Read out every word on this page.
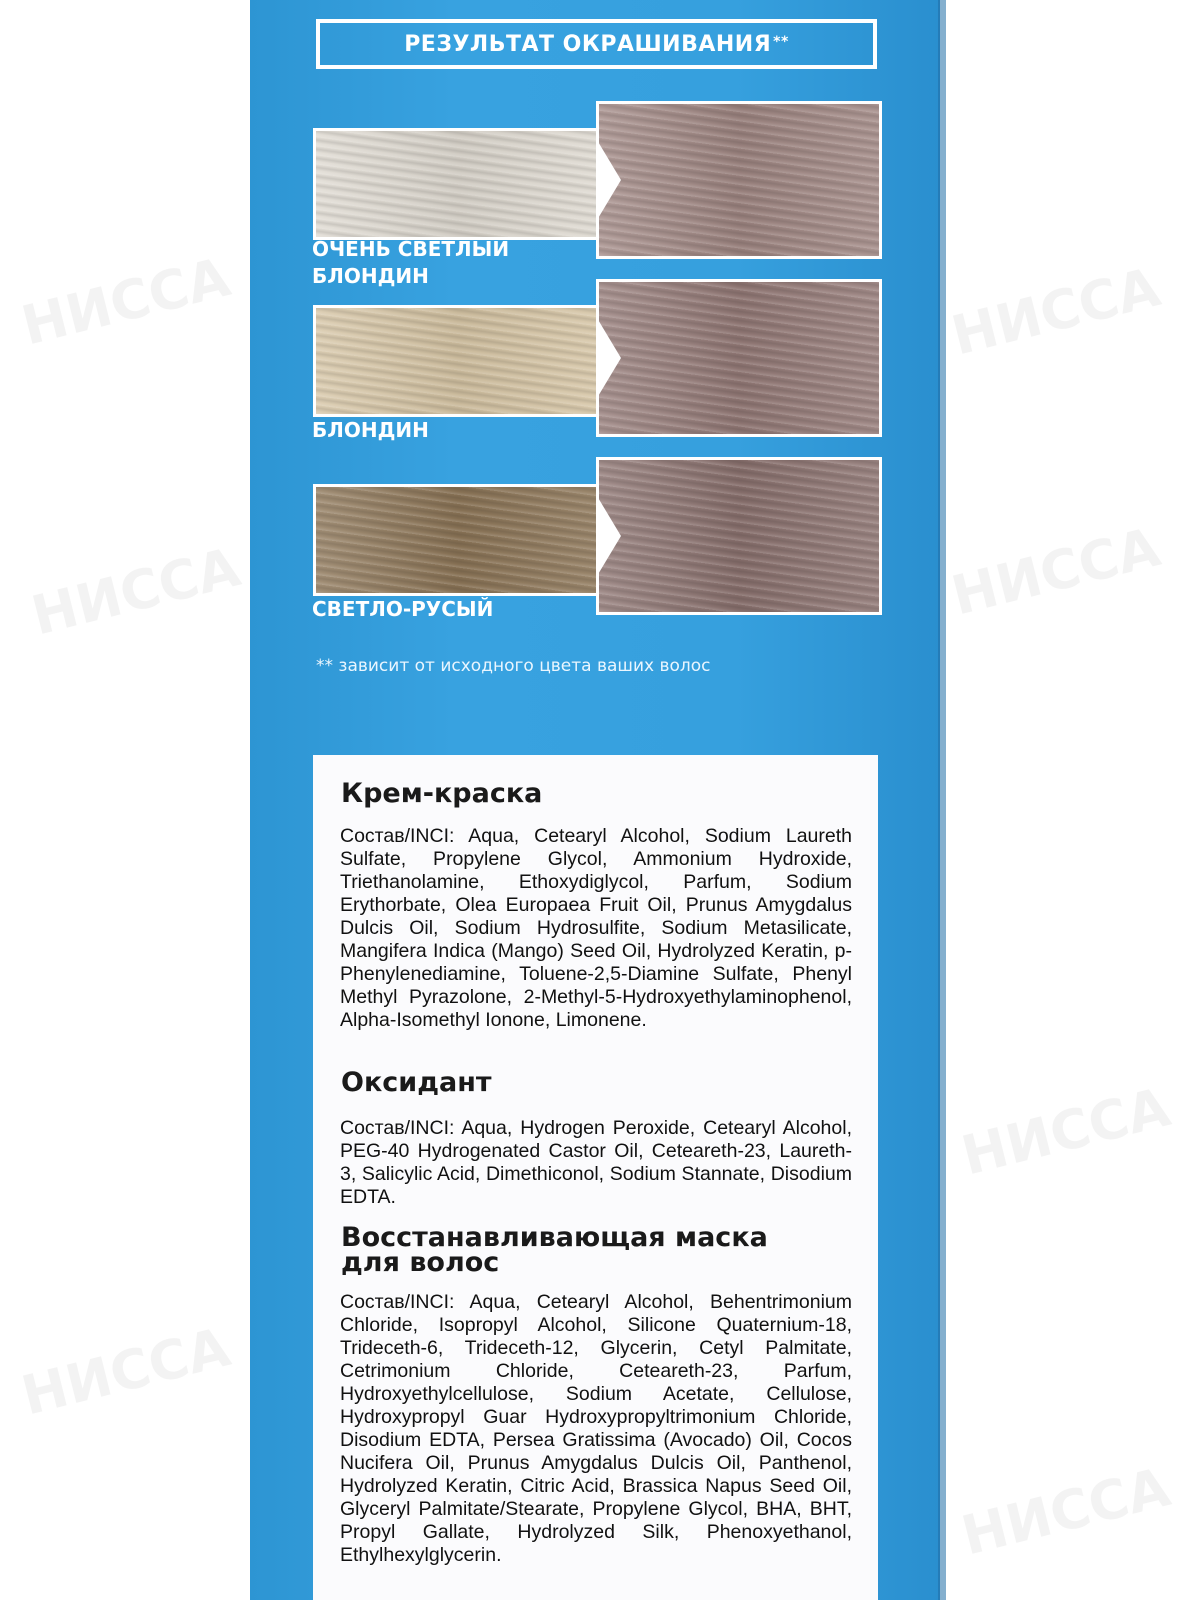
РЕЗУЛЬТАТ ОКРАШИВАНИЯ**
ОЧЕНЬ СВЕТЛЫЙ
БЛОНДИН
БЛОНДИН
СВЕТЛО-РУСЫЙ
** зависит от исходного цвета ваших волос
Крем-краска

Состав/INCI: Aqua, Cetearyl Alcohol, Sodium Laureth Sulfate, Propylene Glycol, Ammonium Hydroxide, Triethanolamine, Ethoxydiglycol, Parfum, Sodium Erythorbate, Olea Europaea Fruit Oil, Prunus Amygdalus Dulcis Oil, Sodium Hydrosulfite, Sodium Metasilicate, Mangifera Indica (Mango) Seed Oil, Hydrolyzed Keratin, p-Phenylenediamine, Toluene-2,5-Diamine Sulfate, Phenyl Methyl Pyrazolone, 2-Methyl-5-Hydroxyethylaminophenol, Alpha-Isomethyl Ionone, Limonene.

Оксидант

Состав/INCI: Aqua, Hydrogen Peroxide, Cetearyl Alcohol, PEG-40 Hydrogenated Castor Oil, Ceteareth-23, Laureth-3, Salicylic Acid, Dimethiconol, Sodium Stannate, Disodium EDTA.

Восстанавливающая маска
для волос

Состав/INCI: Aqua, Cetearyl Alcohol, Behentrimonium Chloride, Isopropyl Alcohol, Silicone Quaternium-18, Trideceth-6, Trideceth-12, Glycerin, Cetyl Palmitate, Cetrimonium Chloride, Ceteareth-23, Parfum, Hydroxyethylcellulose, Sodium Acetate, Cellulose, Hydroxypropyl Guar Hydroxypropyltrimonium Chloride, Disodium EDTA, Persea Gratissima (Avocado) Oil, Cocos Nucifera Oil, Prunus Amygdalus Dulcis Oil, Panthenol, Hydrolyzed Keratin, Citric Acid, Brassica Napus Seed Oil, Glyceryl Palmitate/Stearate, Propylene Glycol, BHA, BHT, Propyl Gallate, Hydrolyzed Silk, Phenoxyethanol, Ethylhexylglycerin.
